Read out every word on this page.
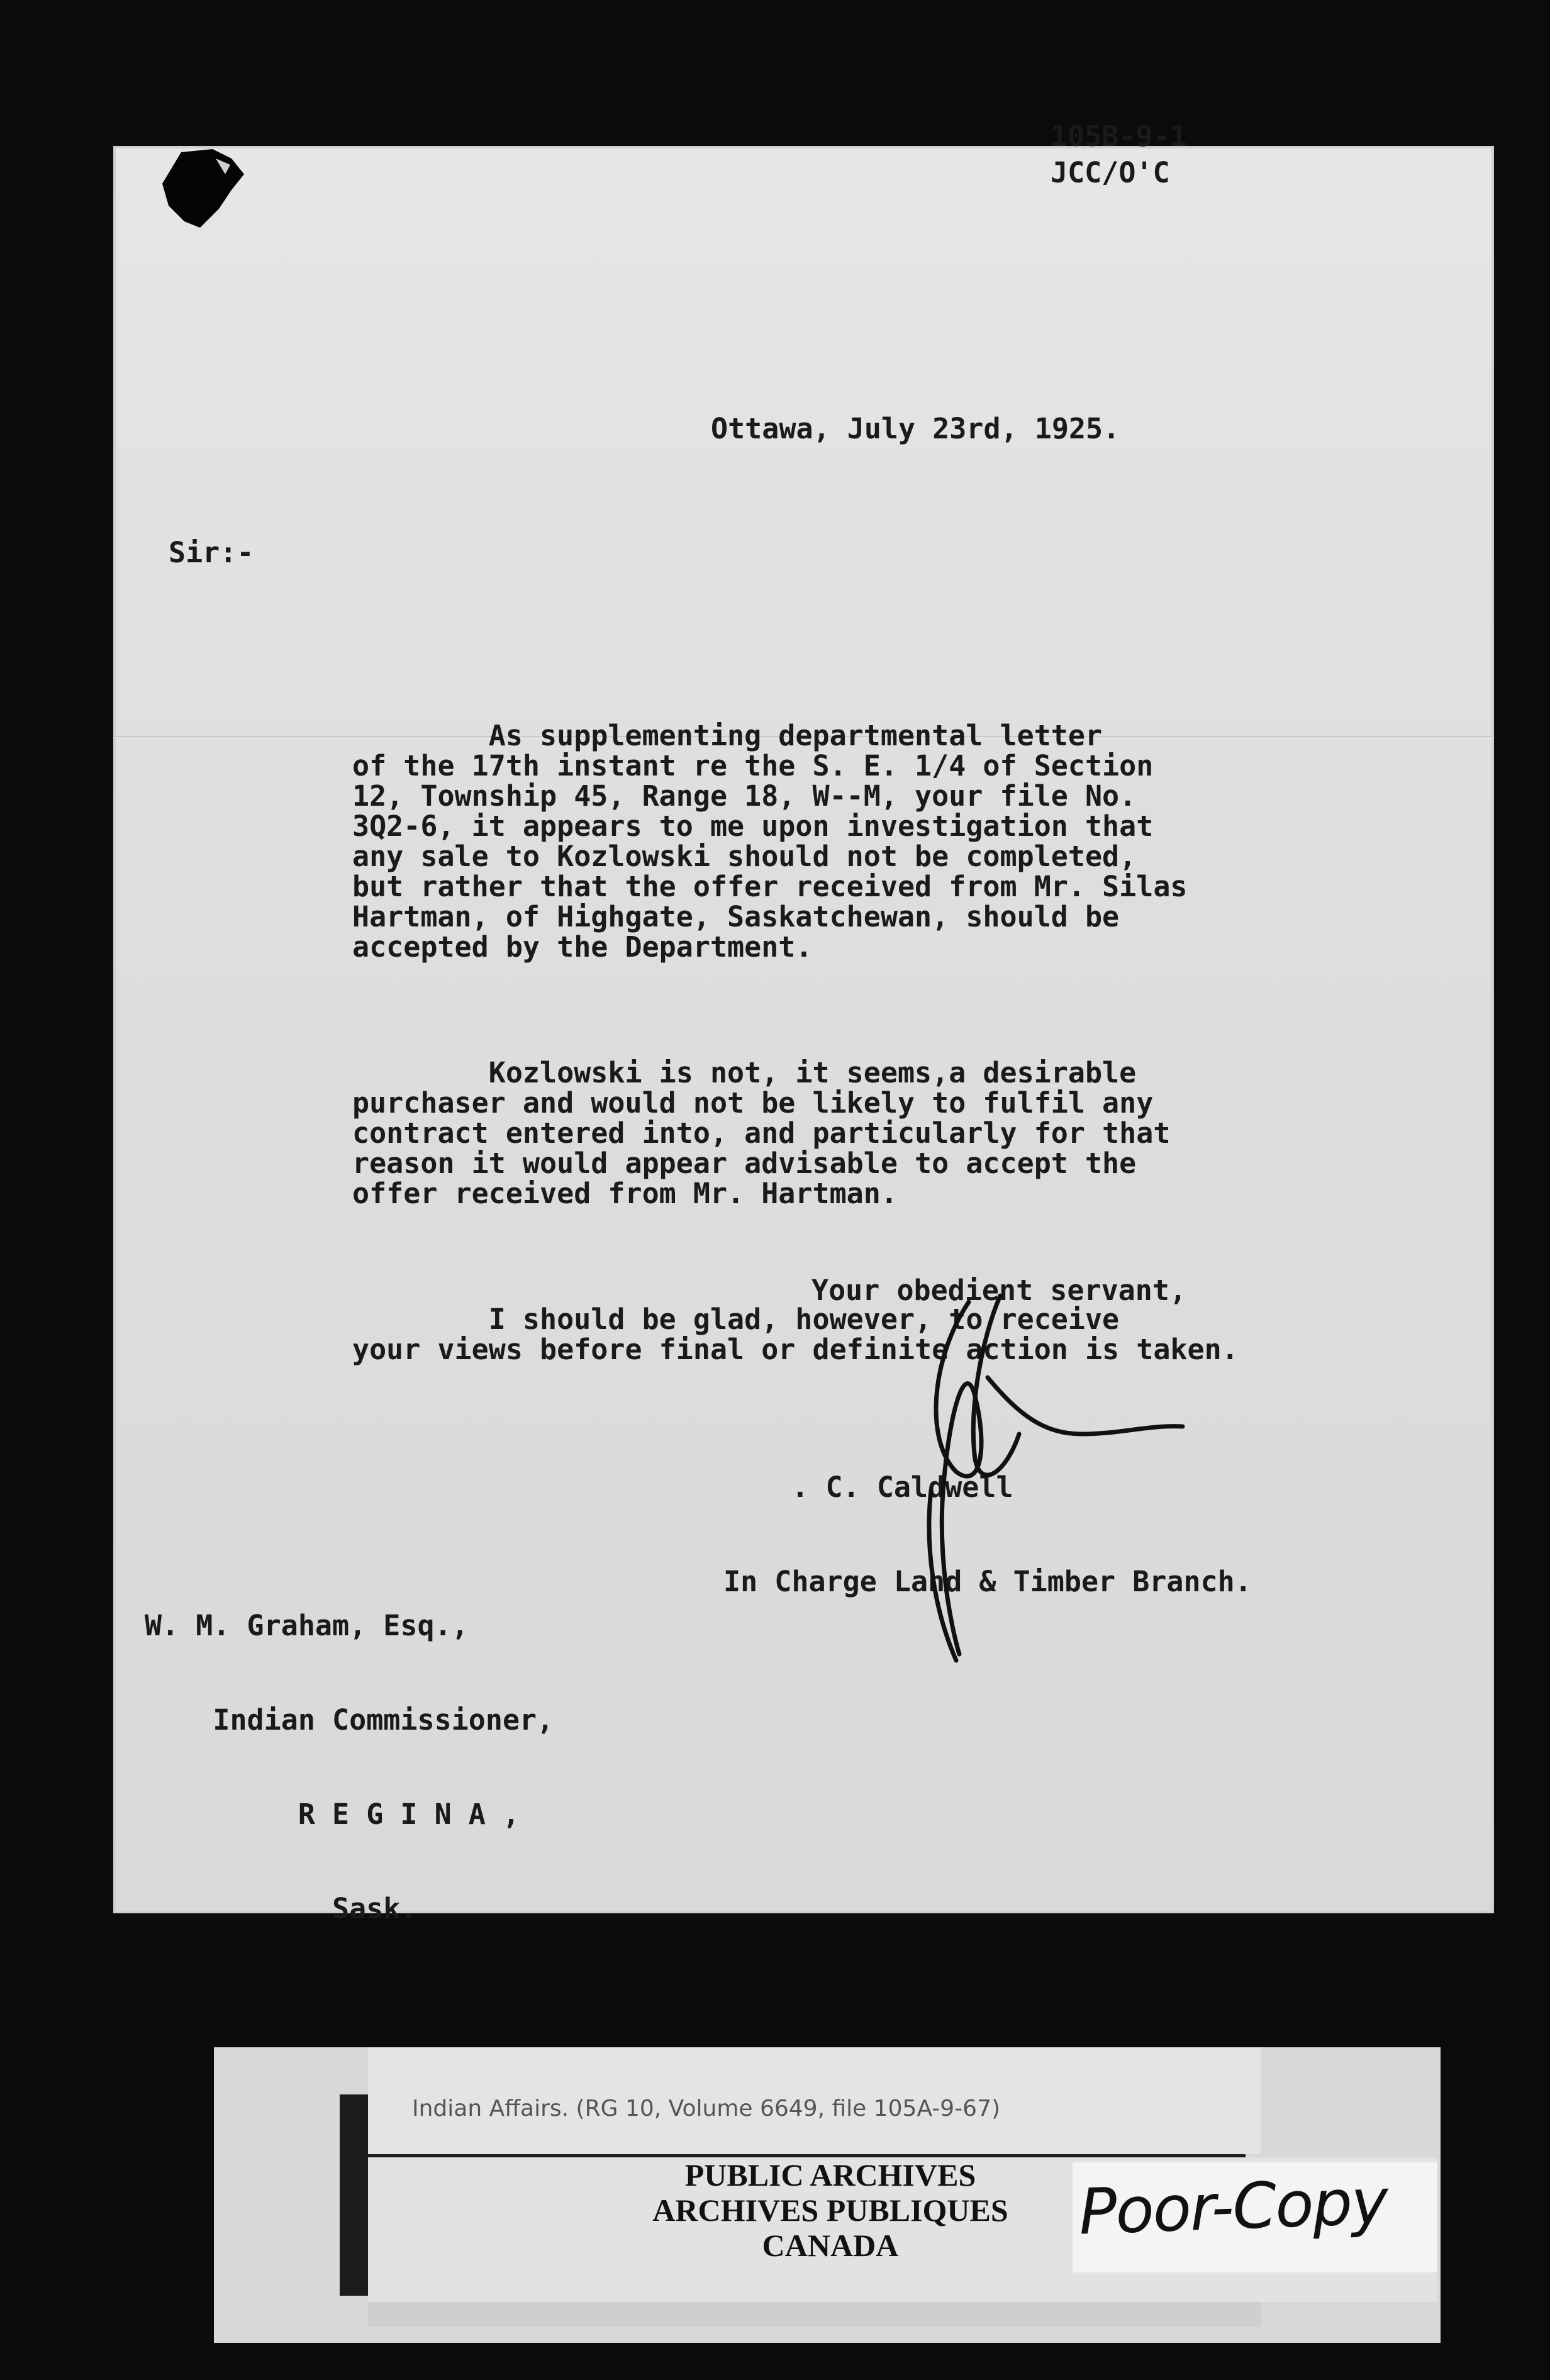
105B-9-1
JCC/O'C
Ottawa, July 23rd, 1925.
Sir:-

As supplementing departmental letter
of the 17th instant re the S. E. 1/4 of Section
12, Township 45, Range 18, W--M, your file No.
3Q2-6, it appears to me upon investigation that
any sale to Kozlowski should not be completed,
but rather that the offer received from Mr. Silas
Hartman, of Highgate, Saskatchewan, should be
accepted by the Department.

Kozlowski is not, it seems,a desirable
purchaser and would not be likely to fulfil any
contract entered into, and particularly for that
reason it would appear advisable to accept the
offer received from Mr. Hartman.

I should be glad, however, to receive
your views before final or definite action is taken.

Your obedient servant,

. C. Caldwell

In Charge Land & Timber Branch.

W. M. Graham, Esq.,

Indian Commissioner,

R E G I N A ,

Sask.

Indian Affairs. (RG 10, Volume 6649, file 105A-9-67)

PUBLIC ARCHIVES
ARCHIVES PUBLIQUES
CANADA	Poor-Copy
